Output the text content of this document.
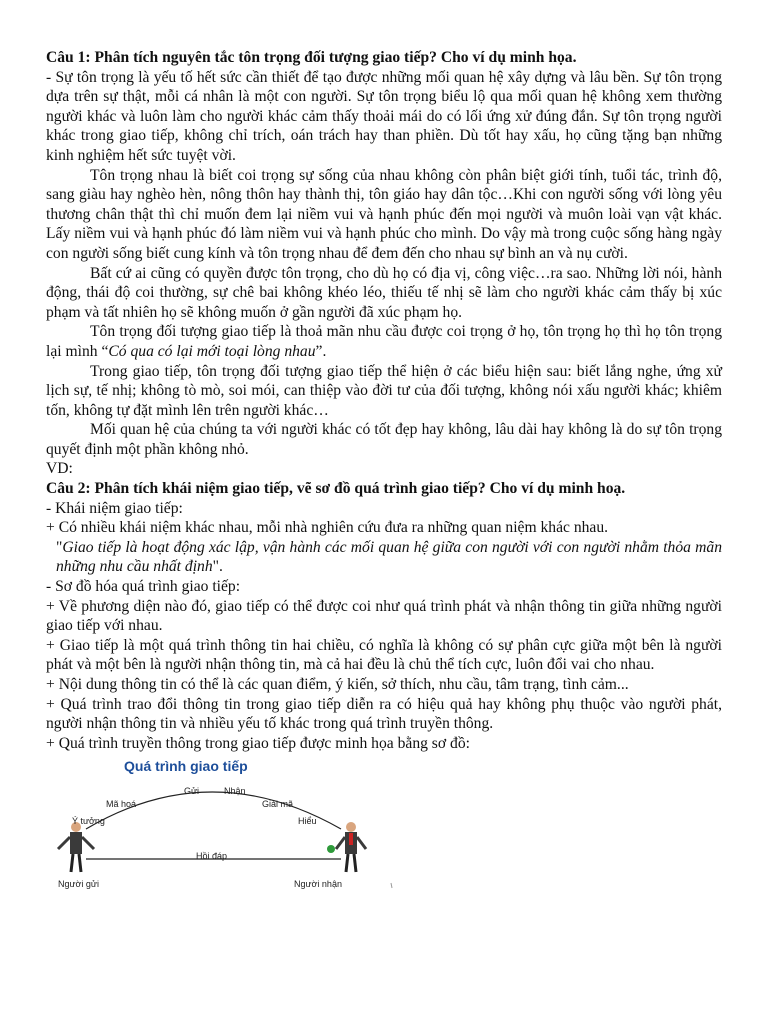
Câu 1: Phân tích nguyên tắc tôn trọng đối tượng giao tiếp? Cho ví dụ minh họa.

- Sự tôn trọng là yếu tố hết sức cần thiết để tạo được những mối quan hệ xây dựng và lâu bền. Sự tôn trọng dựa trên sự thật, mỗi cá nhân là một con người. Sự tôn trọng biểu lộ qua mối quan hệ không xem thường người khác và luôn làm cho người khác cảm thấy thoải mái do có lối ứng xử đúng đắn. Sự tôn trọng người khác trong giao tiếp, không chỉ trích, oán trách hay than phiền. Dù tốt hay xấu, họ cũng tặng bạn những kinh nghiệm hết sức tuyệt vời.

Tôn trọng nhau là biết coi trọng sự sống của nhau không còn phân biệt giới tính, tuổi tác, trình độ, sang giàu hay nghèo hèn, nông thôn hay thành thị, tôn giáo hay dân tộc…Khi con người sống với lòng yêu thương chân thật thì chỉ muốn đem lại niềm vui và hạnh phúc đến mọi người và muôn loài vạn vật khác. Lấy niềm vui và hạnh phúc đó làm niềm vui và hạnh phúc cho mình. Do vậy mà trong cuộc sống hàng ngày con người sống biết cung kính và tôn trọng nhau để đem đến cho nhau sự bình an và nụ cười.

Bất cứ ai cũng có quyền được tôn trọng, cho dù họ có địa vị, công việc…ra sao. Những lời nói, hành động, thái độ coi thường, sự chê bai không khéo léo, thiếu tế nhị sẽ làm cho người khác cảm thấy bị xúc phạm và tất nhiên họ sẽ không muốn ở gần người đã xúc phạm họ.

Tôn trọng đối tượng giao tiếp là thoả mãn nhu cầu được coi trọng ở họ, tôn trọng họ thì họ tôn trọng lại mình “Có qua có lại mới toại lòng nhau”.

Trong giao tiếp, tôn trọng đối tượng giao tiếp thể hiện ở các biểu hiện sau: biết lắng nghe, ứng xử lịch sự, tế nhị; không tò mò, soi mói, can thiệp vào đời tư của đối tượng, không nói xấu người khác; khiêm tốn, không tự đặt mình lên trên người khác…

Mối quan hệ của chúng ta với người khác có tốt đẹp hay không, lâu dài hay không là do sự tôn trọng quyết định một phần không nhỏ.

VD:

Câu 2: Phân tích khái niệm giao tiếp, vẽ sơ đồ quá trình giao tiếp? Cho ví dụ minh hoạ.

- Khái niệm giao tiếp:

+ Có nhiều khái niệm khác nhau, mỗi nhà nghiên cứu đưa ra những quan niệm khác nhau.

"Giao tiếp là hoạt động xác lập, vận hành các mối quan hệ giữa con người với con người nhằm thỏa mãn những nhu cầu nhất định".

- Sơ đồ hóa quá trình giao tiếp:

+ Về phương diện nào đó, giao tiếp có thể được coi như quá trình phát và nhận thông tin giữa những người giao tiếp với nhau.

+ Giao tiếp là một quá trình thông tin hai chiều, có nghĩa là không có sự phân cực giữa một bên là người phát và một bên là người nhận thông tin, mà cả hai đều là chủ thể tích cực, luôn đổi vai cho nhau.

+ Nội dung thông tin có thể là các quan điểm, ý kiến, sở thích, nhu cầu, tâm trạng, tình cảm...

+ Quá trình trao đổi thông tin trong giao tiếp diễn ra có hiệu quả hay không phụ thuộc vào người phát, người nhận thông tin và nhiều yếu tố khác trong quá trình truyền thông.

+ Quá trình truyền thông trong giao tiếp được minh họa bằng sơ đồ:

Quá trình giao tiếp
Gửi	Nhận
Mã hoá	Giải mã
Ý tưởng	Hiểu
Hồi đáp
Người gửi	Người nhận
